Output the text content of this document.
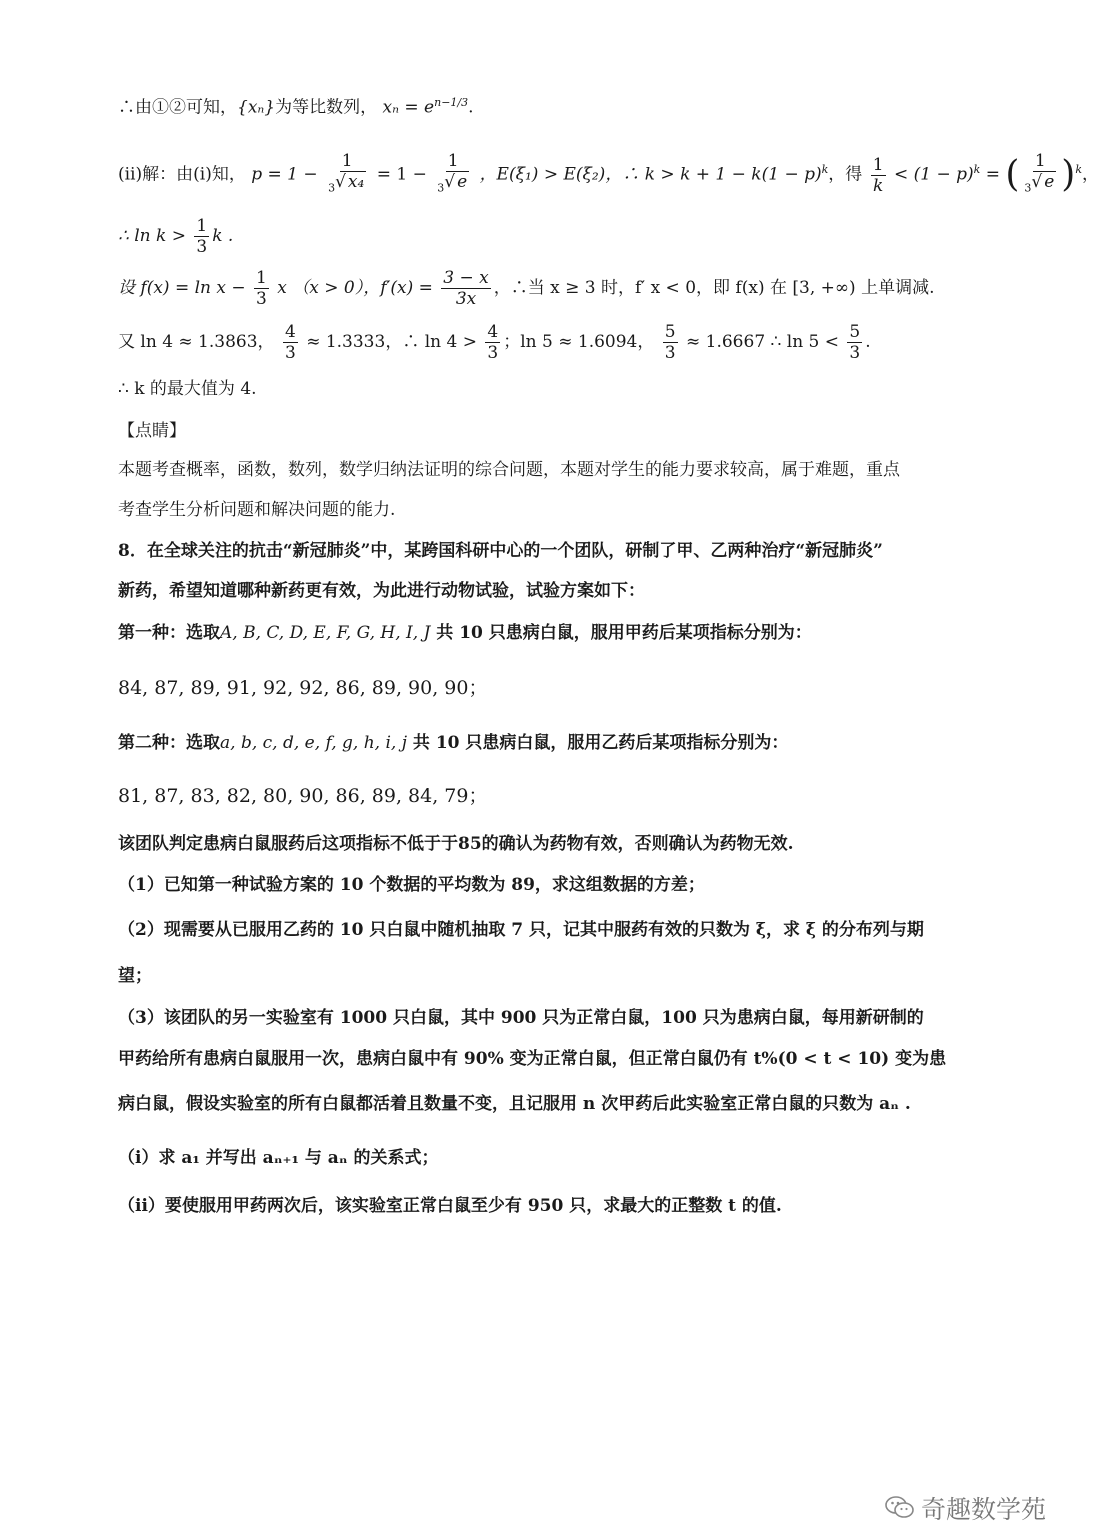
∴由①②可知，{xₙ}为等比数列， $x_n = e^{n-1/3}$.
(ⅱ)解：由(ⅰ)知， $p = 1 - \frac{1}{_3√ x_4} = 1 - \frac{1}{_3√ e}$ ，E(ξ₁) > E(ξ₂)，∴ $k > k + 1 - k(1 - p)^k$，得 $\frac{1}{k} < (1 - p)^k$ = ( $\frac{1}{_3√ e} )^k$，
∴ $\ln k > \frac{1}{3}$ k .
设 $f(x) = \ln x - \frac{1}{3}$ x （x > 0），$f'(x) = \frac{3 - x}{3x}$ ，∴当 x ≥ 3 时，f′ x < 0，即 f(x) 在 [3, +∞) 上单调减.
又 ln 4 ≈ 1.3863， $\frac{4}{3} \approx 1.3333$，∴ $\ln 4 > \frac{4}{3}$ ；ln 5 ≈ 1.6094， $\frac{5}{3} \approx 1.6667$ ∴ $\ln 5 < \frac{5}{3}$ .
∴ k 的最大值为 4.
【点睛】
本题考查概率，函数，数列，数学归纳法证明的综合问题，本题对学生的能力要求较高，属于难题，重点
考查学生分析问题和解决问题的能力.
8．在全球关注的抗击“新冠肺炎”中，某跨国科研中心的一个团队，研制了甲、乙两种治疗“新冠肺炎”
新药，希望知道哪种新药更有效，为此进行动物试验，试验方案如下：
第一种：选取A, B, C, D, E, F, G, H, I, J 共 10 只患病白鼠，服用甲药后某项指标分别为：
84, 87, 89, 91, 92, 92, 86, 89, 90, 90；
第二种：选取a, b, c, d, e, f, g, h, i, j 共 10 只患病白鼠，服用乙药后某项指标分别为：
81, 87, 83, 82, 80, 90, 86, 89, 84, 79；
该团队判定患病白鼠服药后这项指标不低于于85的确认为药物有效，否则确认为药物无效.
（1）已知第一种试验方案的 10 个数据的平均数为 89，求这组数据的方差；
（2）现需要从已服用乙药的 10 只白鼠中随机抽取 7 只，记其中服药有效的只数为 ξ，求 ξ 的分布列与期
望；
（3）该团队的另一实验室有 1000 只白鼠，其中 900 只为正常白鼠，100 只为患病白鼠，每用新研制的
甲药给所有患病白鼠服用一次，患病白鼠中有 90% 变为正常白鼠，但正常白鼠仍有 t%(0 < t < 10) 变为患
病白鼠，假设实验室的所有白鼠都活着且数量不变，且记服用 n 次甲药后此实验室正常白鼠的只数为 aₙ .
（i）求 a₁ 并写出 aₙ₊₁ 与 aₙ 的关系式；
（ii）要使服用甲药两次后，该实验室正常白鼠至少有 950 只，求最大的正整数 t 的值.
奇趣数学苑
